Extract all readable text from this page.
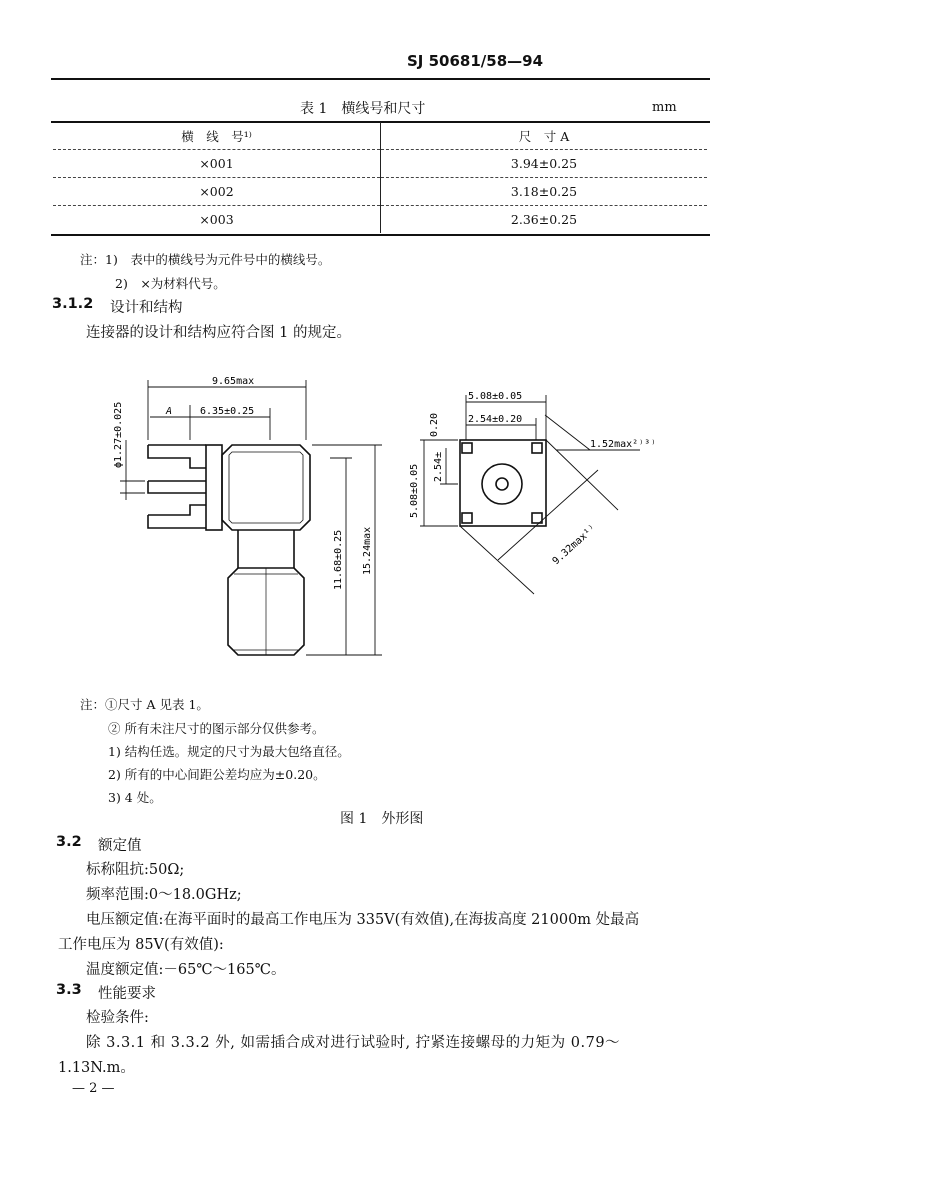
SJ 50681/58—94
表 1　横线号和尺寸	mm
横　线　号¹⁾	尺　寸 A
×001	3.94±0.25
×002	3.18±0.25
×003	2.36±0.25
注：1)　表中的横线号为元件号中的横线号。
2)　×为材料代号。
3.1.2 设计和结构
连接器的设计和结构应符合图 1 的规定。
9.65max
A	6.35±0.25
ϕ1.27±0.025
11.68±0.25 15.24max
5.08±0.05
2.54±0.20
1.52max²⁾³⁾
0.20
2.54±
5.08±0.05
9.32max¹⁾
注：①尺寸 A 见表 1。
② 所有未注尺寸的图示部分仅供参考。
1) 结构任选。规定的尺寸为最大包络直径。
2) 所有的中心间距公差均应为±0.20。
3) 4 处。
图 1　外形图
3.2 额定值
标称阻抗:50Ω;
频率范围:0～18.0GHz;
电压额定值:在海平面时的最高工作电压为 335V(有效值),在海拔高度 21000m 处最高
工作电压为 85V(有效值):
温度额定值:－65℃～165℃。
3.3 性能要求
检验条件:
除 3.3.1 和 3.3.2 外, 如需插合成对进行试验时, 拧紧连接螺母的力矩为 0.79～
1.13N.m。
— 2 —
